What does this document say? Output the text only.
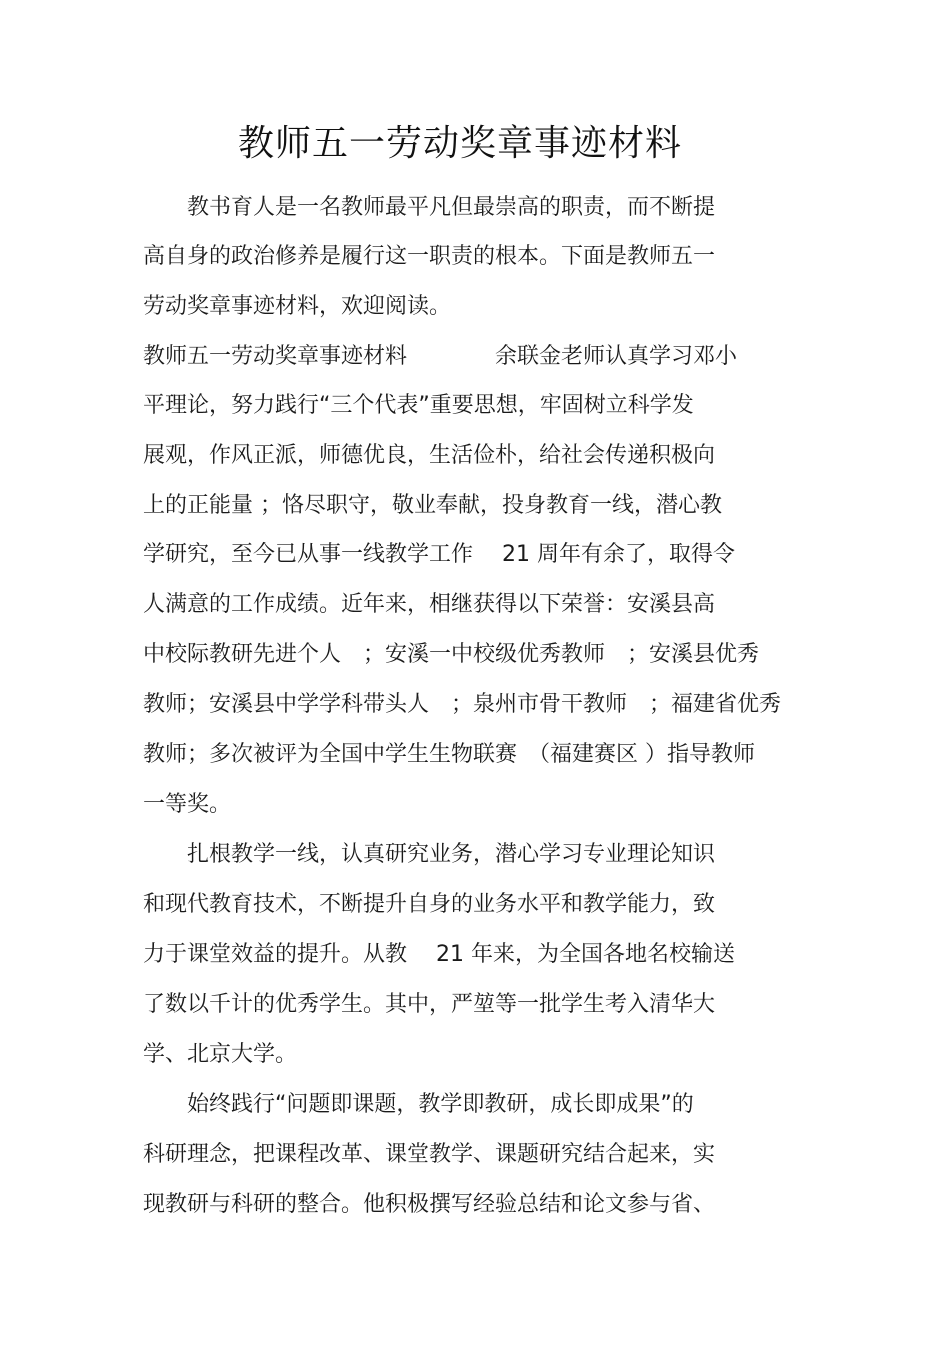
教师五一劳动奖章事迹材料
　　教书育人是一名教师最平凡但最崇高的职责，而不断提
高自身的政治修养是履行这一职责的根本。下面是教师五一
劳动奖章事迹材料，欢迎阅读。
教师五一劳动奖章事迹材料　　　　余联金老师认真学习邓小
平理论，努力践行“三个代表”重要思想，牢固树立科学发
展观，作风正派，师德优良，生活俭朴，给社会传递积极向
上的正能量 ；恪尽职守，敬业奉献，投身教育一线，潜心教
学研究，至今已从事一线教学工作　 21 周年有余了，取得令
人满意的工作成绩。近年来，相继获得以下荣誉：安溪县高
中校际教研先进个人　；安溪一中校级优秀教师　；安溪县优秀
教师；安溪县中学学科带头人　；泉州市骨干教师　；福建省优秀
教师；多次被评为全国中学生生物联赛　（福建赛区 ）指导教师
一等奖。
　　扎根教学一线，认真研究业务，潜心学习专业理论知识
和现代教育技术，不断提升自身的业务水平和教学能力，致
力于课堂效益的提升。从教　 21 年来，为全国各地名校输送
了数以千计的优秀学生。其中，严堃等一批学生考入清华大
学、北京大学。
　　始终践行“问题即课题，教学即教研，成长即成果”的
科研理念，把课程改革、课堂教学、课题研究结合起来，实
现教研与科研的整合。他积极撰写经验总结和论文参与省、
